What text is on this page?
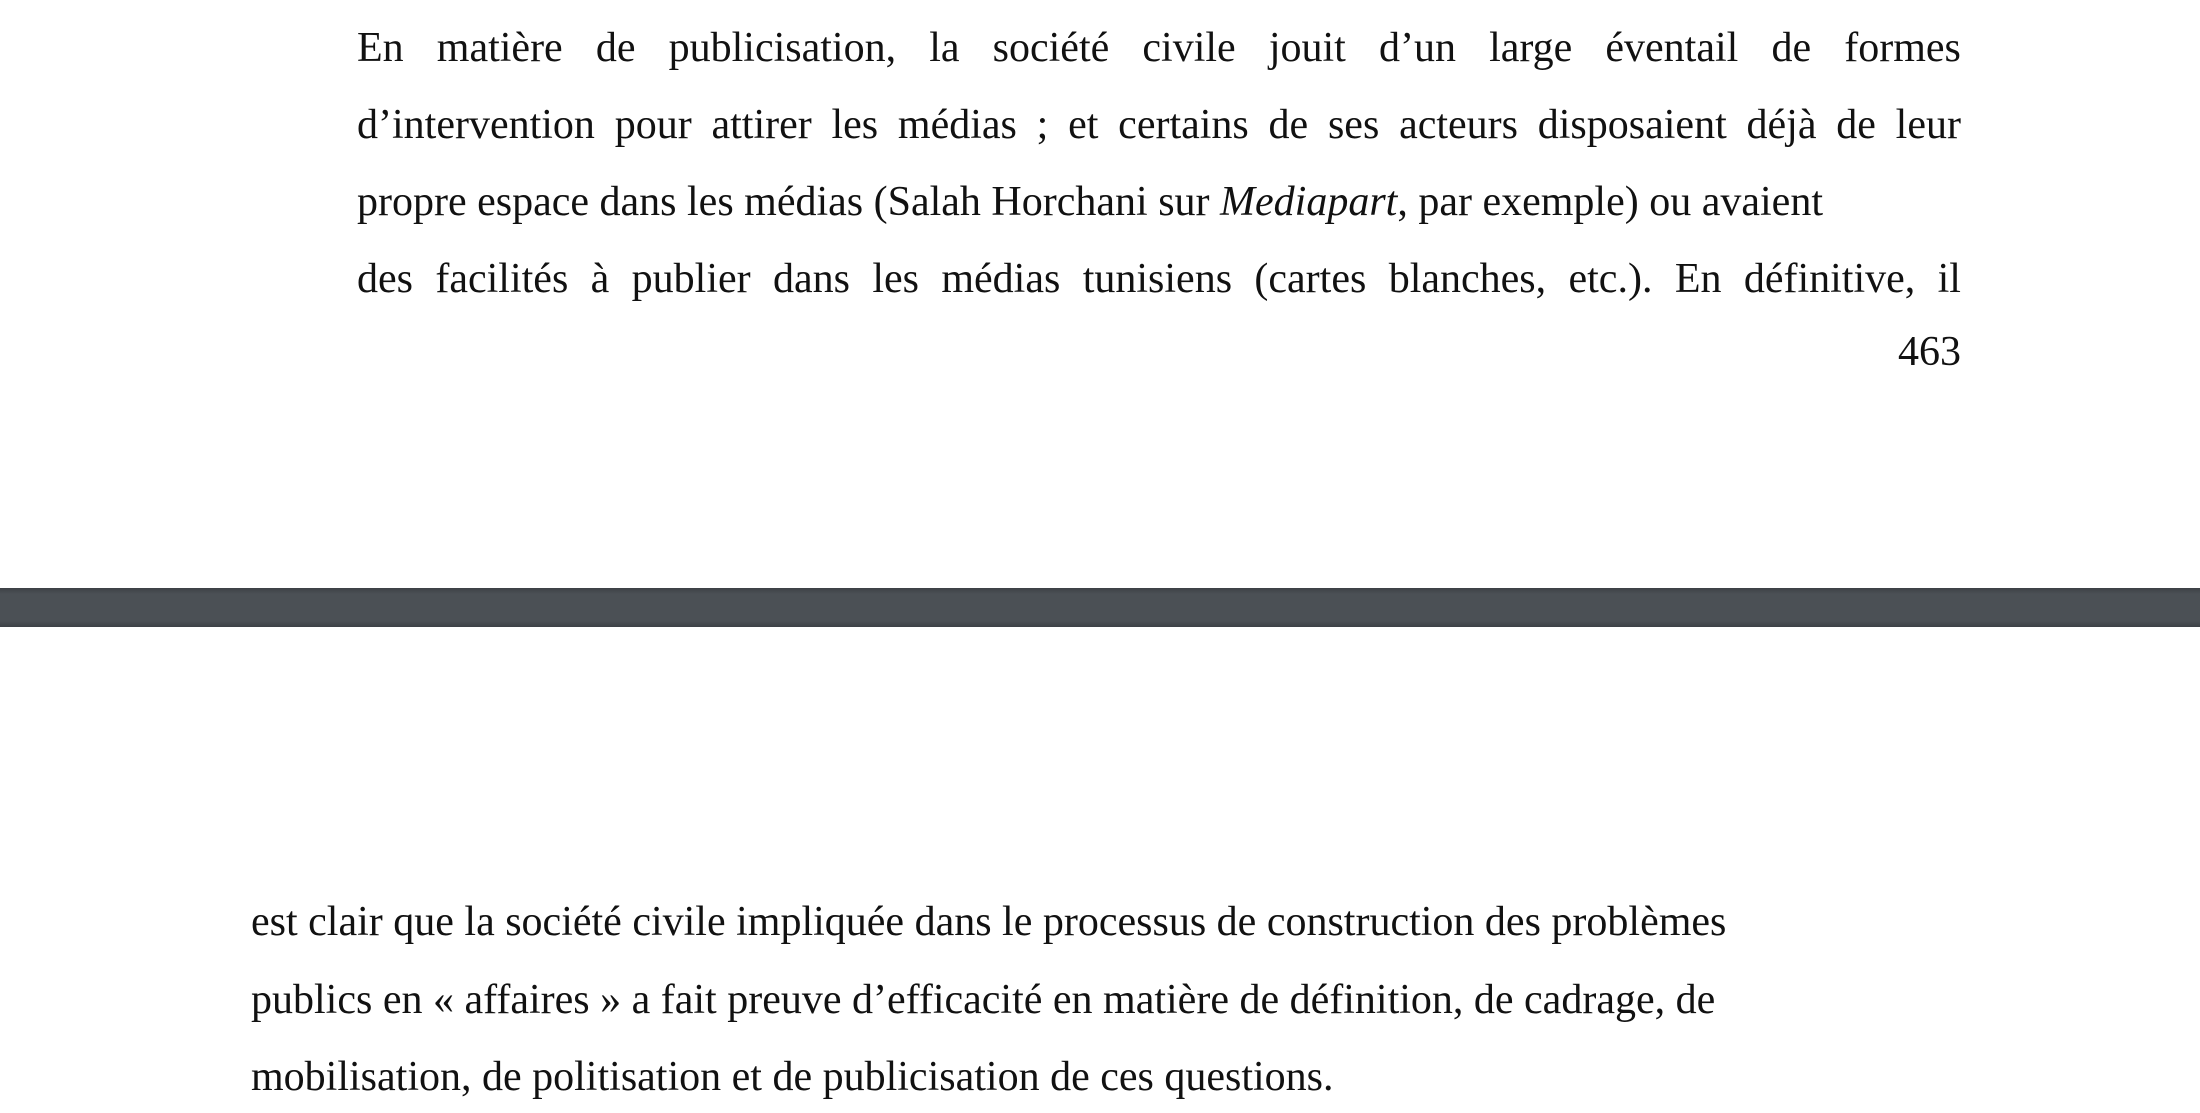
En matière de publicisation, la société civile jouit d’un large éventail de formes
d’intervention pour attirer les médias ; et certains de ses acteurs disposaient déjà de leur
propre espace dans les médias (Salah Horchani sur Mediapart, par exemple) ou avaient
des facilités à publier dans les médias tunisiens (cartes blanches, etc.). En définitive, il
463
est clair que la société civile impliquée dans le processus de construction des problèmes
publics en « affaires » a fait preuve d’efficacité en matière de définition, de cadrage, de
mobilisation, de politisation et de publicisation de ces questions.
